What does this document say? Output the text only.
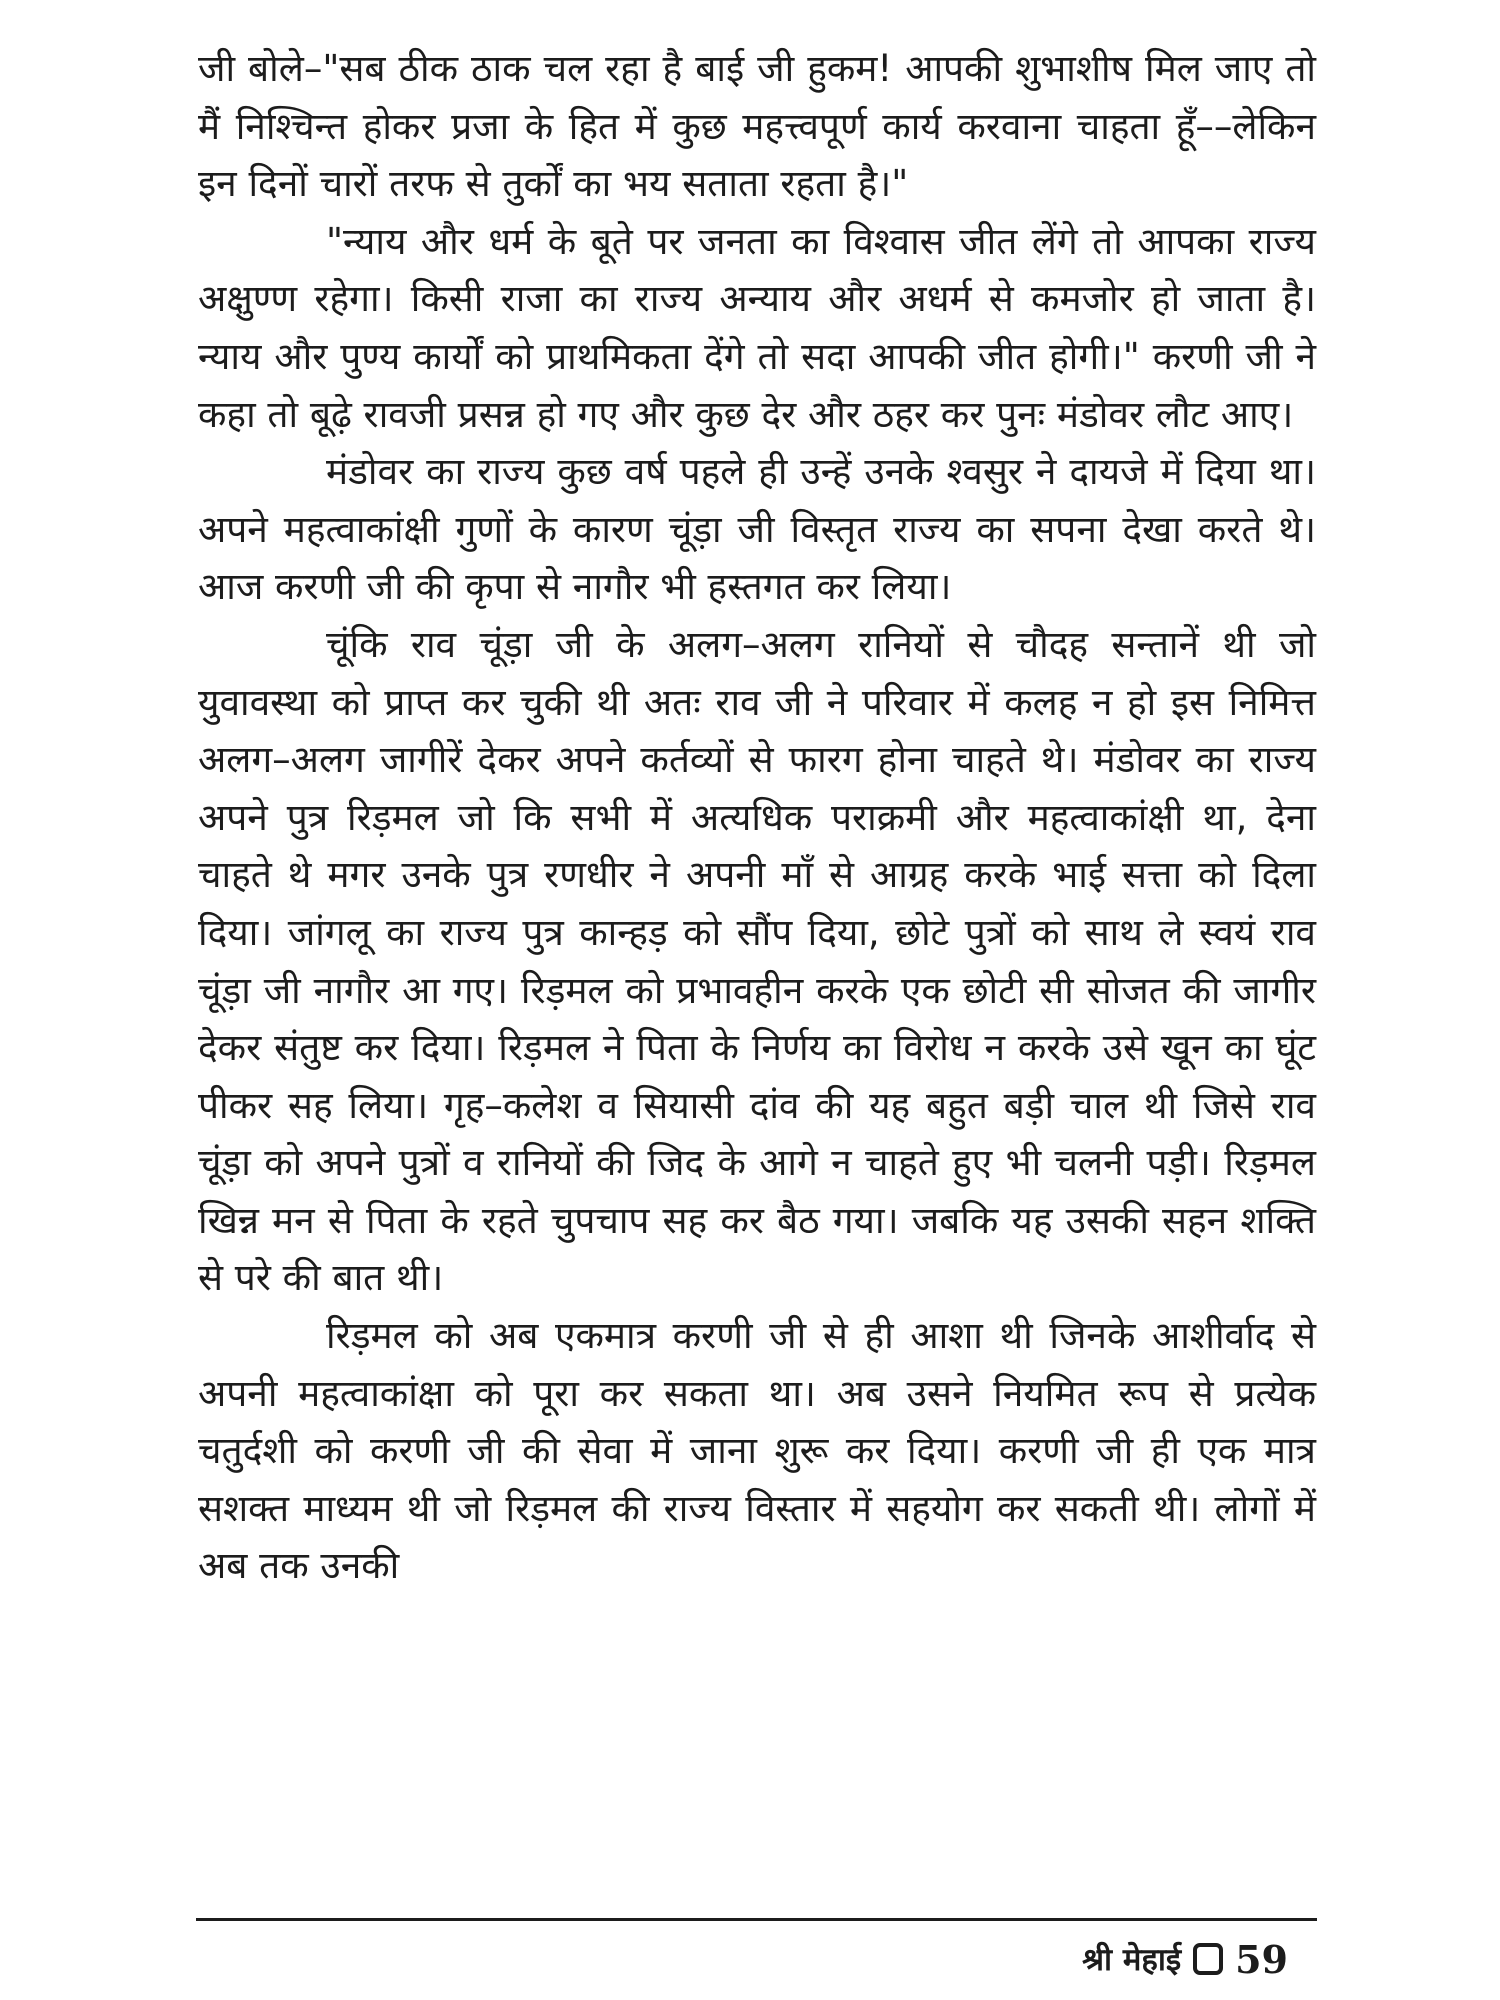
जी बोले–"सब ठीक ठाक चल रहा है बाई जी हुकम! आपकी शुभाशीष मिल जाए तो मैं निश्चिन्त होकर प्रजा के हित में कुछ महत्त्वपूर्ण कार्य करवाना चाहता हूँ––लेकिन इन दिनों चारों तरफ से तुर्कों का भय सताता रहता है।"

"न्याय और धर्म के बूते पर जनता का विश्वास जीत लेंगे तो आपका राज्य अक्षुण्ण रहेगा। किसी राजा का राज्य अन्याय और अधर्म से कमजोर हो जाता है। न्याय और पुण्य कार्यों को प्राथमिकता देंगे तो सदा आपकी जीत होगी।" करणी जी ने कहा तो बूढ़े रावजी प्रसन्न हो गए और कुछ देर और ठहर कर पुनः मंडोवर लौट आए।

मंडोवर का राज्य कुछ वर्ष पहले ही उन्हें उनके श्वसुर ने दायजे में दिया था। अपने महत्वाकांक्षी गुणों के कारण चूंड़ा जी विस्तृत राज्य का सपना देखा करते थे। आज करणी जी की कृपा से नागौर भी हस्तगत कर लिया।

चूंकि राव चूंड़ा जी के अलग–अलग रानियों से चौदह सन्तानें थी जो युवावस्था को प्राप्त कर चुकी थी अतः राव जी ने परिवार में कलह न हो इस निमित्त अलग–अलग जागीरें देकर अपने कर्तव्यों से फारग होना चाहते थे। मंडोवर का राज्य अपने पुत्र रिड़मल जो कि सभी में अत्यधिक पराक्रमी और महत्वाकांक्षी था, देना चाहते थे मगर उनके पुत्र रणधीर ने अपनी माँ से आग्रह करके भाई सत्ता को दिला दिया। जांगलू का राज्य पुत्र कान्हड़ को सौंप दिया, छोटे पुत्रों को साथ ले स्वयं राव चूंड़ा जी नागौर आ गए। रिड़मल को प्रभावहीन करके एक छोटी सी सोजत की जागीर देकर संतुष्ट कर दिया। रिड़मल ने पिता के निर्णय का विरोध न करके उसे खून का घूंट पीकर सह लिया। गृह–कलेश व सियासी दांव की यह बहुत बड़ी चाल थी जिसे राव चूंड़ा को अपने पुत्रों व रानियों की जिद के आगे न चाहते हुए भी चलनी पड़ी। रिड़मल खिन्न मन से पिता के रहते चुपचाप सह कर बैठ गया। जबकि यह उसकी सहन शक्ति से परे की बात थी।

रिड़मल को अब एकमात्र करणी जी से ही आशा थी जिनके आशीर्वाद से अपनी महत्वाकांक्षा को पूरा कर सकता था। अब उसने नियमित रूप से प्रत्येक चतुर्दशी को करणी जी की सेवा में जाना शुरू कर दिया। करणी जी ही एक मात्र सशक्त माध्यम थी जो रिड़मल की राज्य विस्तार में सहयोग कर सकती थी। लोगों में अब तक उनकी

श्री मेहाई 59
